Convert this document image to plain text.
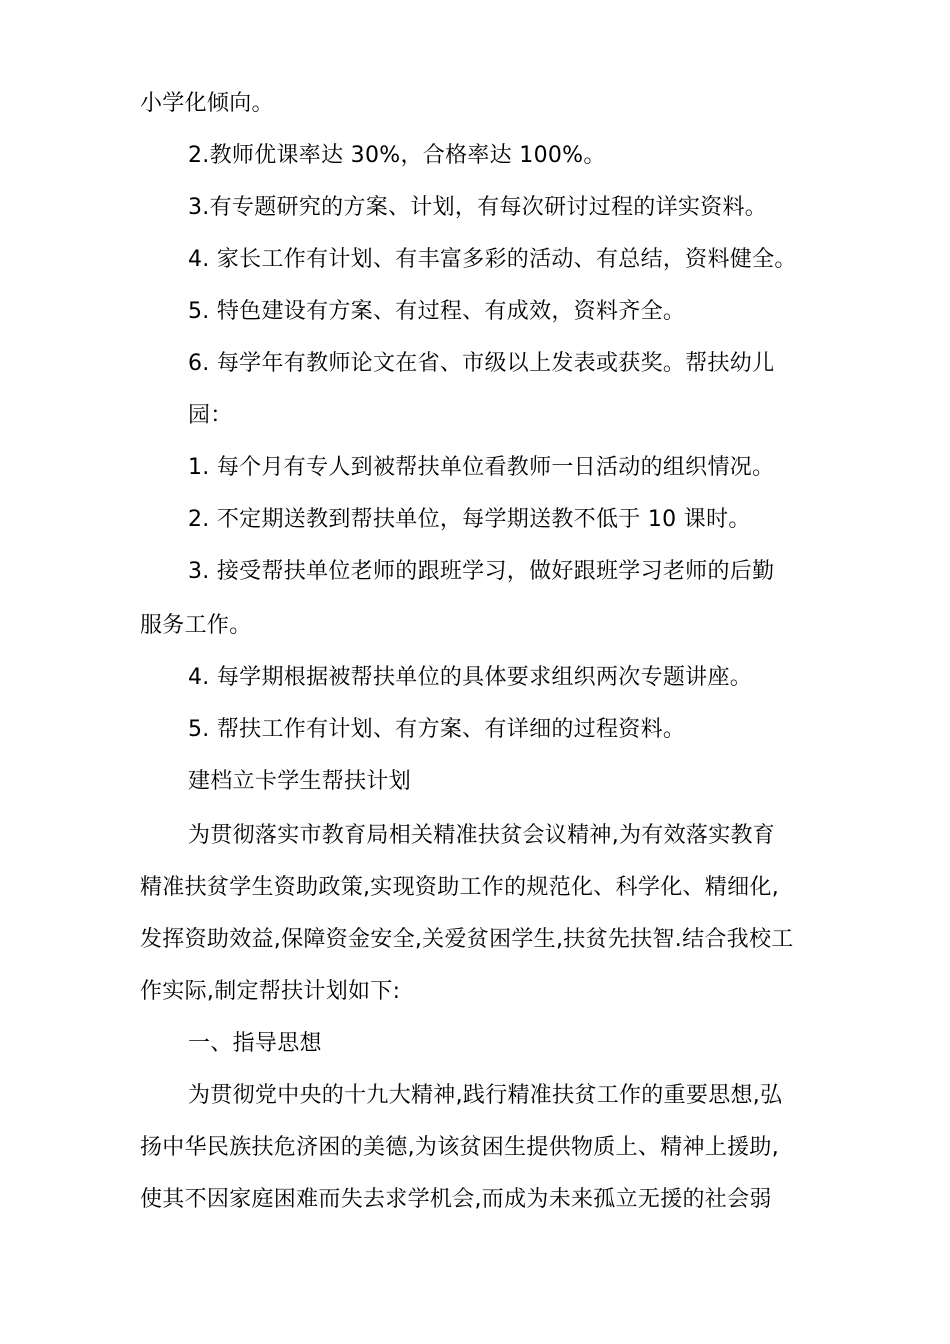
小学化倾向。
2.教师优课率达 30%，合格率达 100%。
3.有专题研究的方案、计划，有每次研讨过程的详实资料。
4. 家长工作有计划、有丰富多彩的活动、有总结，资料健全。
5. 特色建设有方案、有过程、有成效，资料齐全。
6. 每学年有教师论文在省、市级以上发表或获奖。帮扶幼儿
园：
1. 每个月有专人到被帮扶单位看教师一日活动的组织情况。
2. 不定期送教到帮扶单位，每学期送教不低于 10 课时。
3. 接受帮扶单位老师的跟班学习，做好跟班学习老师的后勤
服务工作。
4. 每学期根据被帮扶单位的具体要求组织两次专题讲座。
5. 帮扶工作有计划、有方案、有详细的过程资料。
建档立卡学生帮扶计划
为贯彻落实市教育局相关精准扶贫会议精神,为有效落实教育
精准扶贫学生资助政策,实现资助工作的规范化、科学化、精细化,
发挥资助效益,保障资金安全,关爱贫困学生,扶贫先扶智.结合我校工
作实际,制定帮扶计划如下:
一、指导思想
为贯彻党中央的十九大精神,践行精准扶贫工作的重要思想,弘
扬中华民族扶危济困的美德,为该贫困生提供物质上、精神上援助,
使其不因家庭困难而失去求学机会,而成为未来孤立无援的社会弱
